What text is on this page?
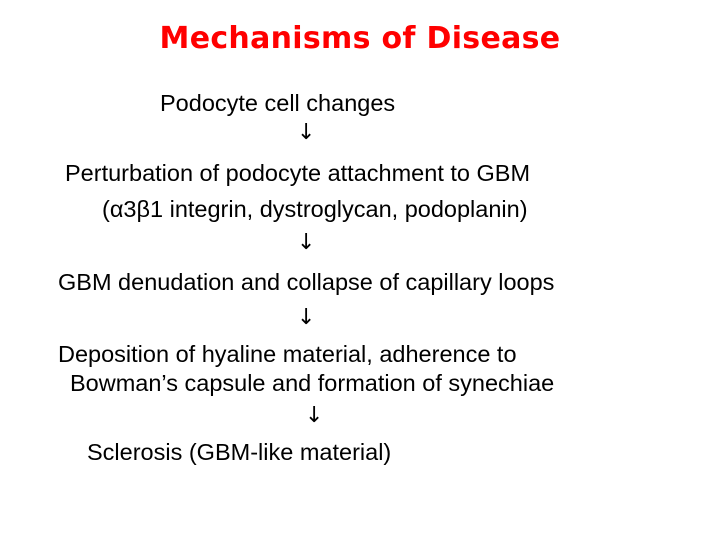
Mechanisms of Disease
Podocyte cell changes
↓
Perturbation of podocyte attachment to GBM
(α3β1 integrin, dystroglycan, podoplanin)
↓
GBM denudation and collapse of capillary loops
↓
Deposition of hyaline material, adherence to
Bowman’s capsule and formation of synechiae
↓
Sclerosis (GBM-like material)
